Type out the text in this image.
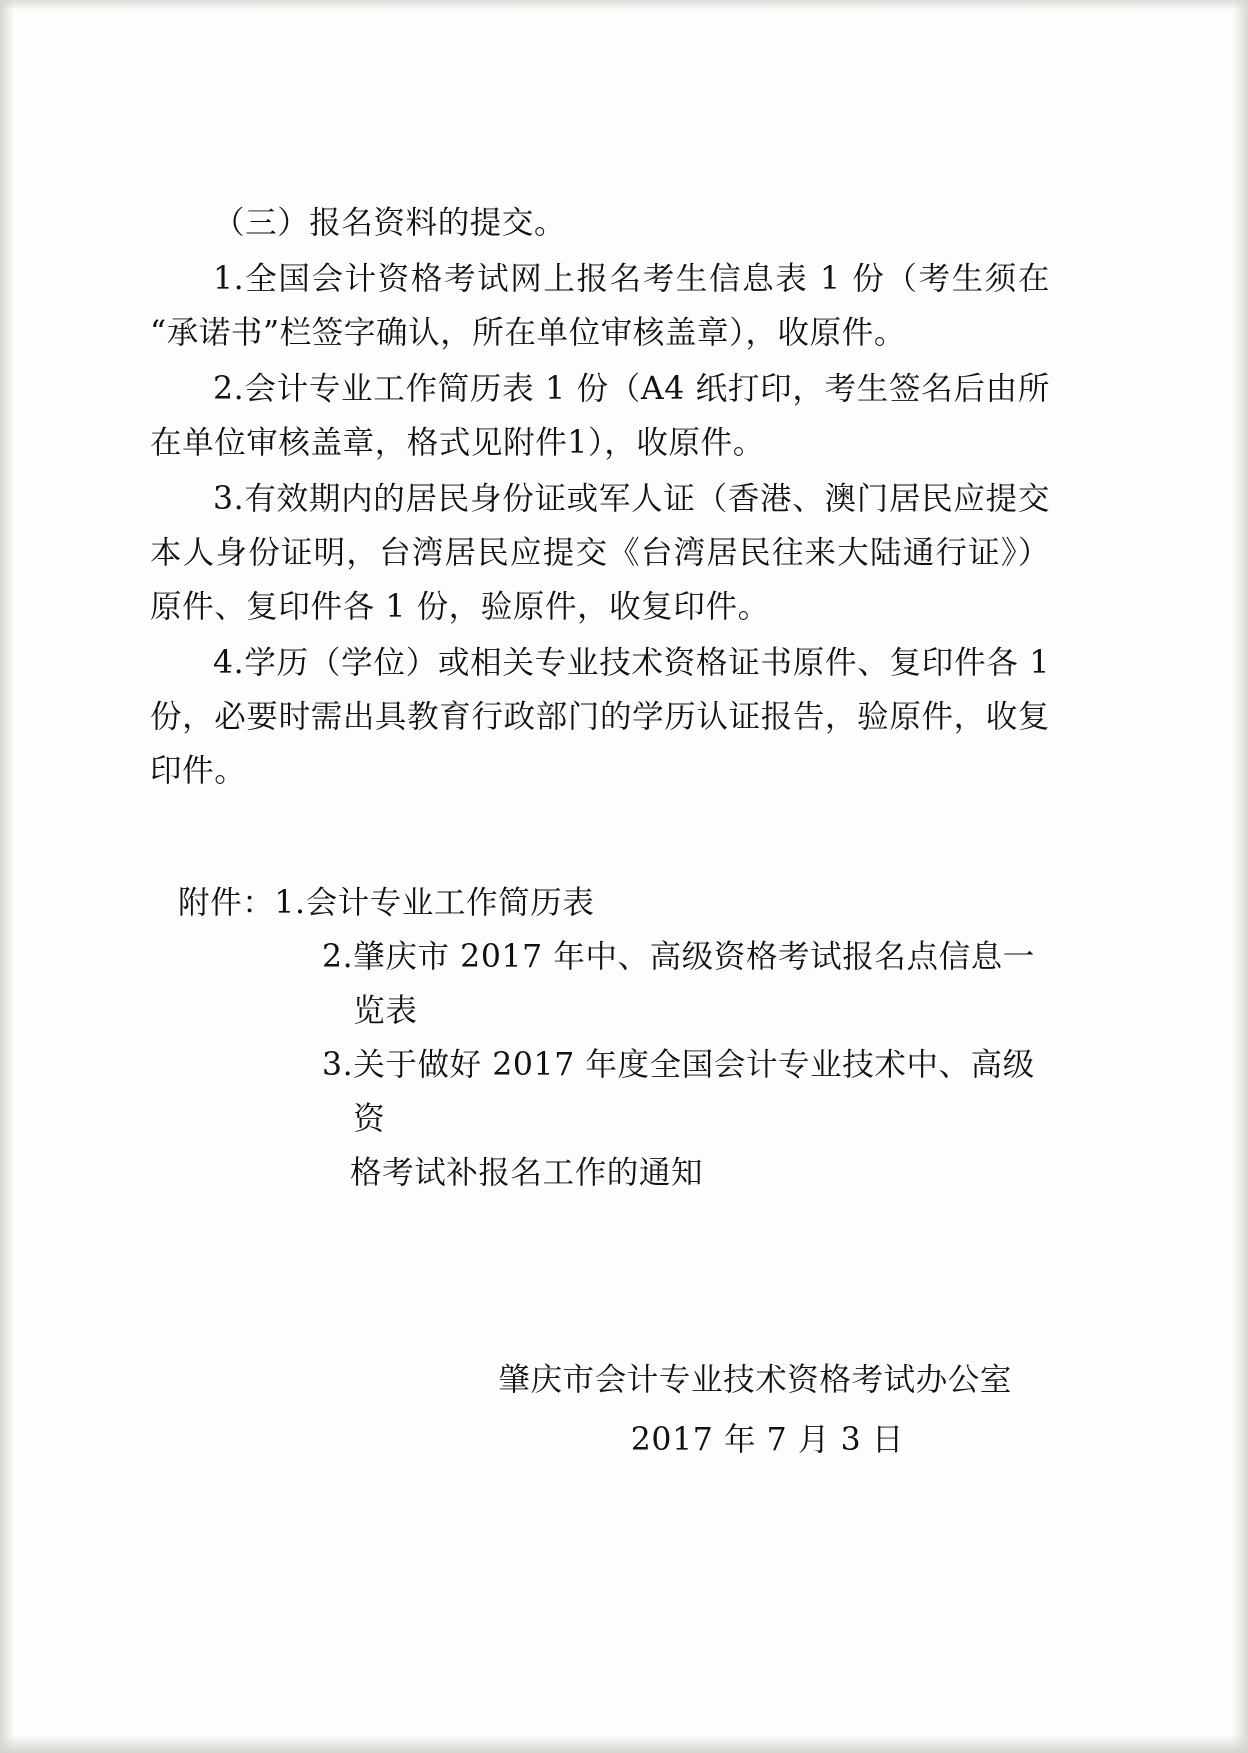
（三）报名资料的提交。

1.全国会计资格考试网上报名考生信息表 1 份（考生须在“承诺书”栏签字确认，所在单位审核盖章），收原件。

2.会计专业工作简历表 1 份（A4 纸打印，考生签名后由所在单位审核盖章，格式见附件1），收原件。

3.有效期内的居民身份证或军人证（香港、澳门居民应提交本人身份证明，台湾居民应提交《台湾居民往来大陆通行证》）原件、复印件各 1 份，验原件，收复印件。

4.学历（学位）或相关专业技术资格证书原件、复印件各 1 份，必要时需出具教育行政部门的学历认证报告，验原件，收复印件。

附件： 1. 会计专业工作简历表
2. 肇庆市 2017 年中、高级资格考试报名点信息一览表
3. 关于做好 2017 年度全国会计专业技术中、高级资
格考试补报名工作的通知
肇庆市会计专业技术资格考试办公室
2017 年 7 月 3 日
